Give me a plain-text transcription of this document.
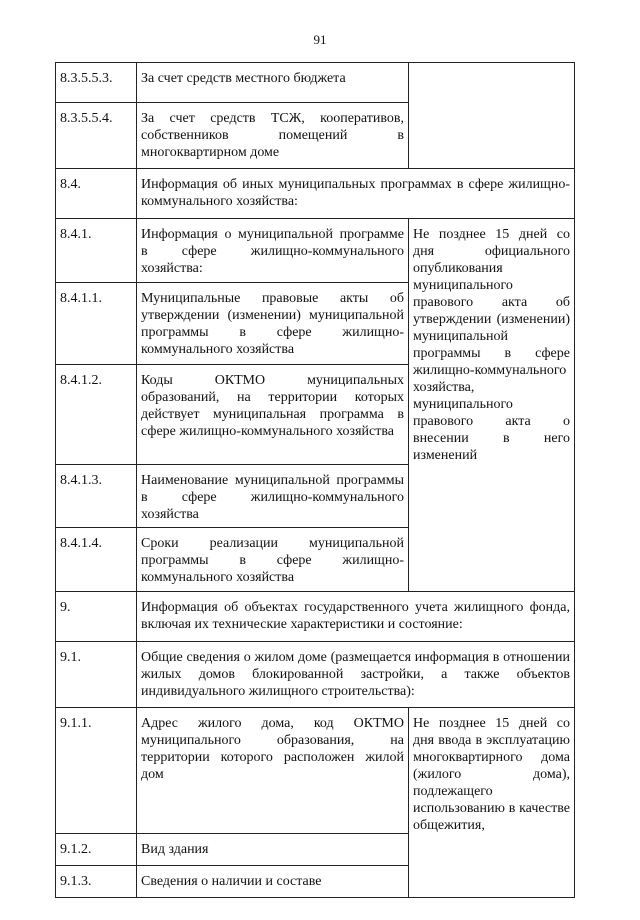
91
8.3.5.5.3.	За счет средств местного бюджета	
8.3.5.5.4.	За счет средств ТСЖ, кооперативов, собственников помещений в многоквартирном доме	
8.4.	Информация об иных муниципальных программах в сфере жилищно-коммунального хозяйства:	
8.4.1.	Информация о муниципальной программе в сфере жилищно-коммунального хозяйства:	Не позднее 15 дней со дня официального опубликования муниципального правового акта об утверждении (изменении) муниципальной программы в сфере жилищно-коммунального хозяйства, муниципального правового акта о внесении в него изменений
8.4.1.1.	Муниципальные правовые акты об утверждении (изменении) муниципальной программы в сфере жилищно-коммунального хозяйства	
8.4.1.2.	Коды ОКТМО муниципальных образований, на территории которых действует муниципальная программа в сфере жилищно-коммунального хозяйства	
8.4.1.3.	Наименование муниципальной программы в сфере жилищно-коммунального хозяйства	
8.4.1.4.	Сроки реализации муниципальной программы в сфере жилищно-коммунального хозяйства	
9.	Информация об объектах государственного учета жилищного фонда, включая их технические характеристики и состояние:	
9.1.	Общие сведения о жилом доме (размещается информация в отношении жилых домов блокированной застройки, а также объектов индивидуального жилищного строительства):	
9.1.1.	Адрес жилого дома, код ОКТМО муниципального образования, на территории которого расположен жилой дом	Не позднее 15 дней со дня ввода в эксплуатацию многоквартирного дома (жилого дома), подлежащего использованию в качестве общежития,
9.1.2.	Вид здания	
9.1.3.	Сведения о наличии и составе	
